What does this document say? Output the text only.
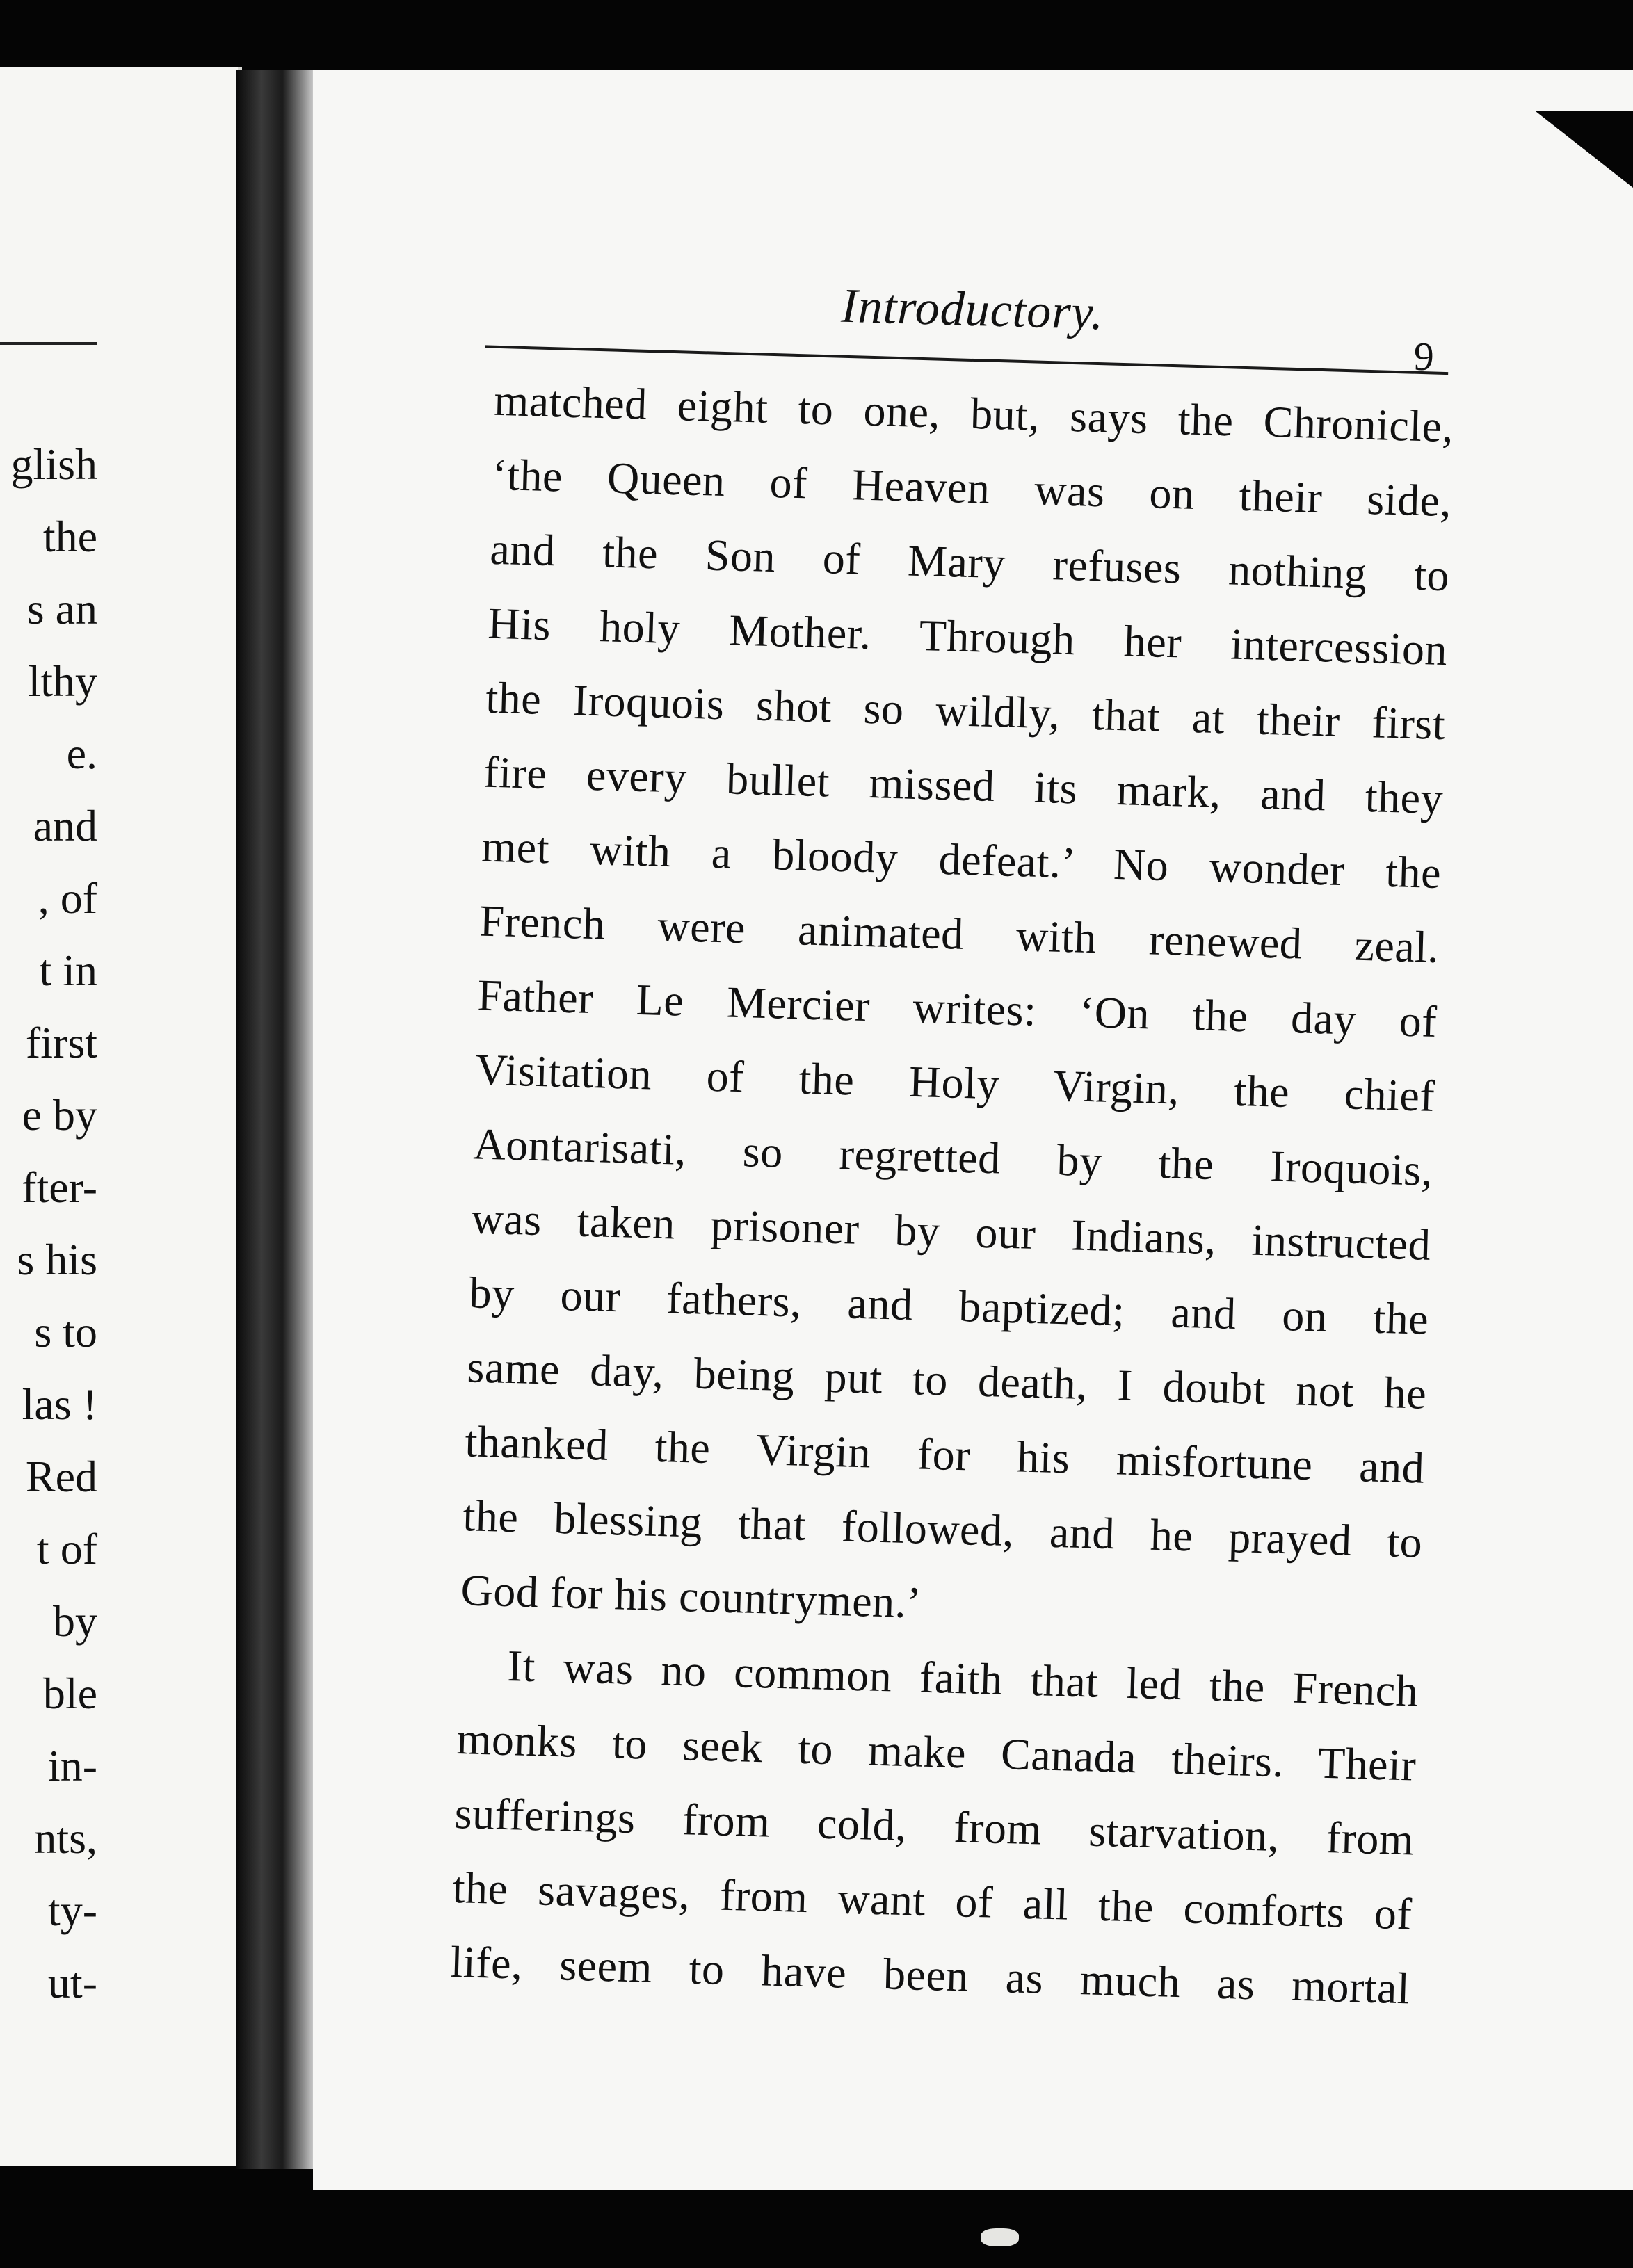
glish
the
s an
lthy
e.
and
, of
t in
first
e by
fter-
s his
s to
las !
Red
t of
by
ble
in-
nts,
ty-
ut-
Introductory.
9
matched eight to one, but, says the Chronicle,
‘the Queen of Heaven was on their side,
and the Son of Mary refuses nothing to
His holy Mother. Through her intercession
the Iroquois shot so wildly, that at their first
fire every bullet missed its mark, and they
met with a bloody defeat.’ No wonder the
French were animated with renewed zeal.
Father Le Mercier writes: ‘On the day of
Visitation of the Holy Virgin, the chief
Aontarisati, so regretted by the Iroquois,
was taken prisoner by our Indians, instructed
by our fathers, and baptized; and on the
same day, being put to death, I doubt not he
thanked the Virgin for his misfortune and
the blessing that followed, and he prayed to
God for his countrymen.’
It was no common faith that led the French
monks to seek to make Canada theirs. Their
sufferings from cold, from starvation, from
the savages, from want of all the comforts of
life, seem to have been as much as mortal
